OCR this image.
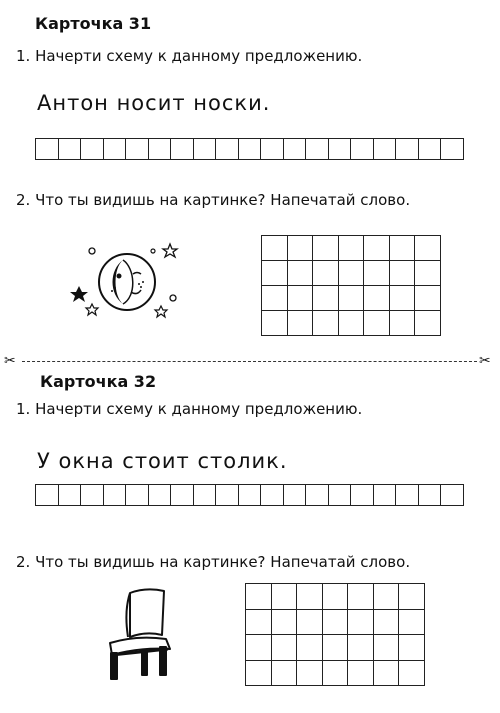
Карточка 31
1. Начерти схему к данному предложению.
Антон носит носки.
2. Что ты видишь на картинке? Напечатай слово.

✂	✂
Карточка 32
1. Начерти схему к данному предложению.
У окна стоит столик.
2. Что ты видишь на картинке? Напечатай слово.
